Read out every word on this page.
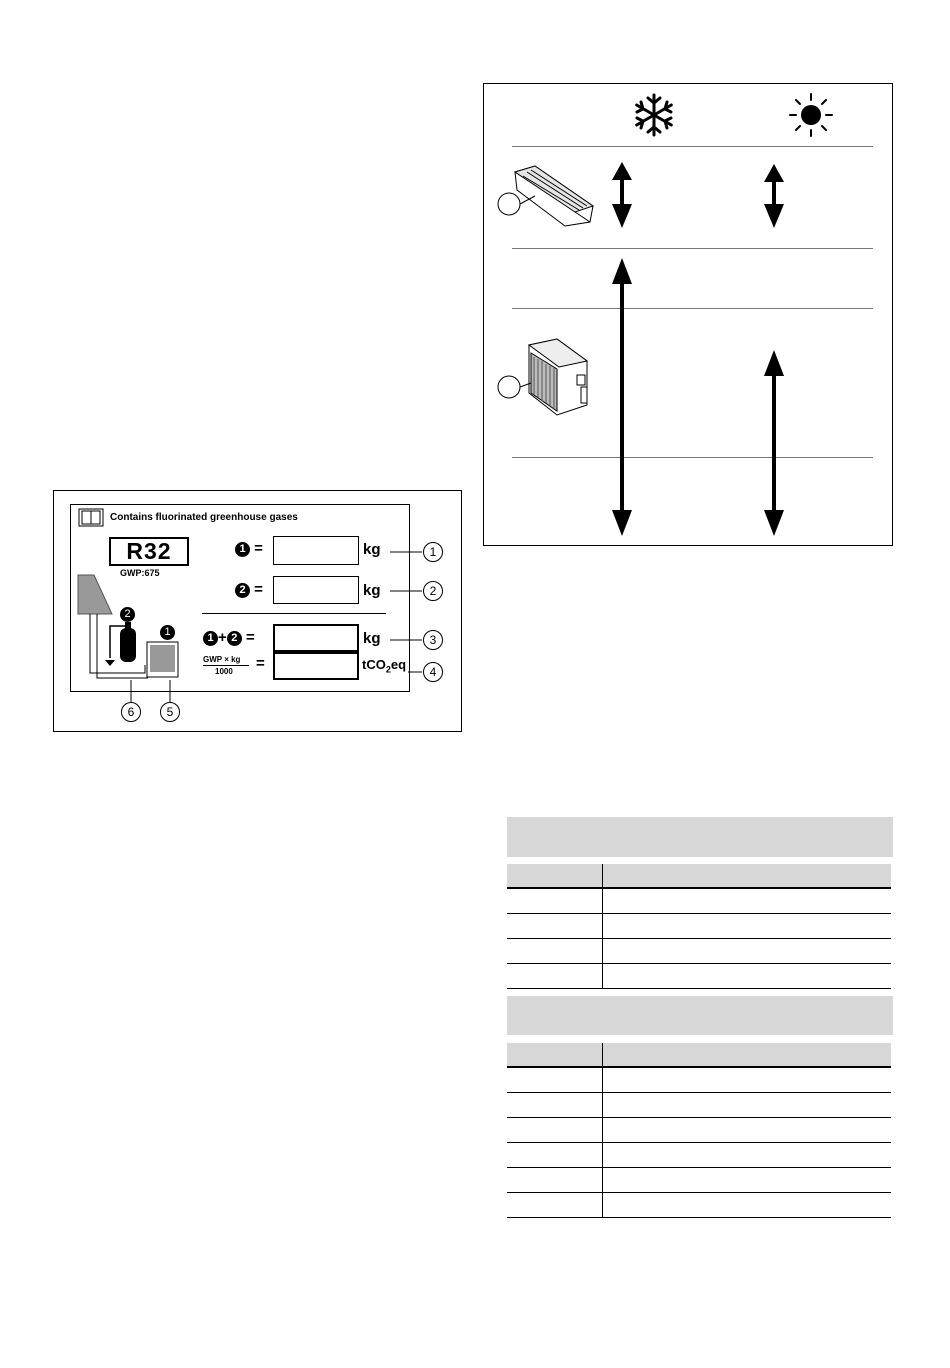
Contains fluorinated greenhouse gases
R32
GWP:675
1 =	kg
2 =	kg
1 + 2 =	kg
GWP × kg
1000 =	tCO$_2$eq
1
2
3
4
5
6
2
1
